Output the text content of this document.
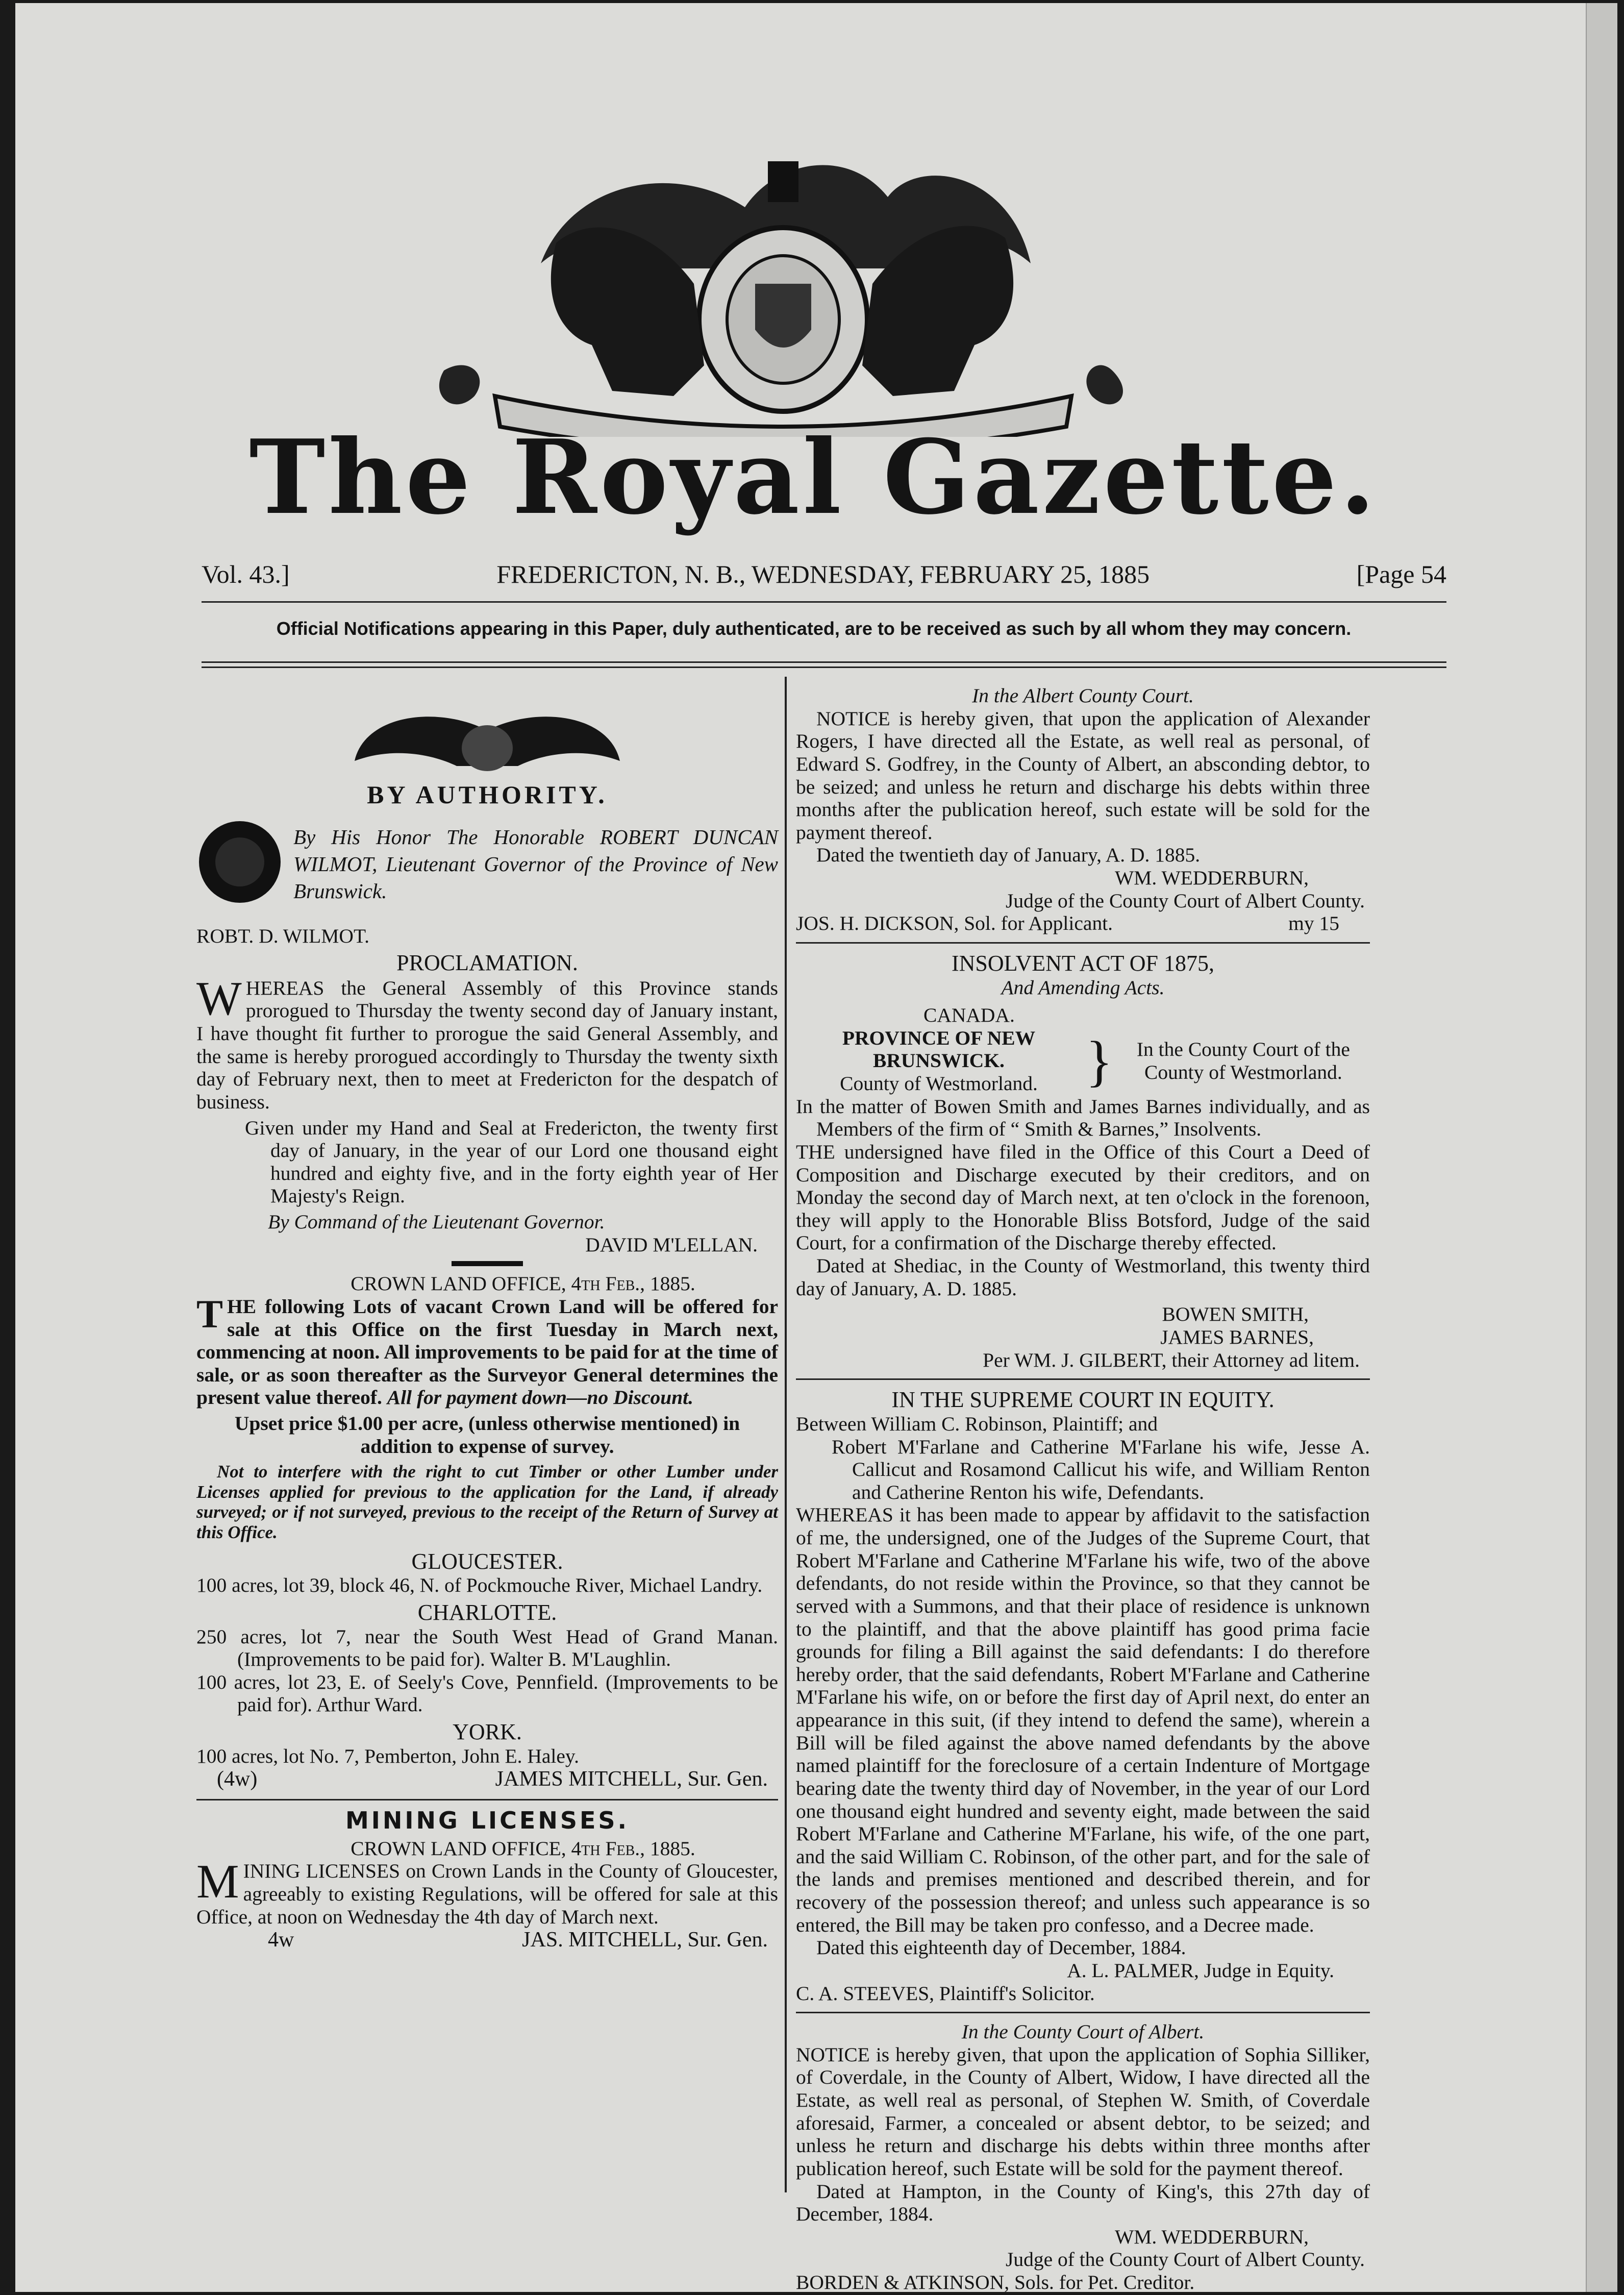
The Royal Gazette.
Vol. 43.]	FREDERICTON, N. B., WEDNESDAY, FEBRUARY 25, 1885	[Page 54
Official Notifications appearing in this Paper, duly authenticated, are to be received as such by all whom they may concern.

BY AUTHORITY.

By His Honor The Honorable ROBERT DUNCAN WILMOT, Lieutenant Governor of the Province of New Brunswick.

ROBT. D. WILMOT.

PROCLAMATION.

WHEREAS the General Assembly of this Province stands prorogued to Thursday the twenty second day of January instant, I have thought fit further to prorogue the said General Assembly, and the same is hereby prorogued accordingly to Thursday the twenty sixth day of February next, then to meet at Fredericton for the despatch of business.

Given under my Hand and Seal at Fredericton, the twenty first day of January, in the year of our Lord one thousand eight hundred and eighty five, and in the forty eighth year of Her Majesty's Reign.

By Command of the Lieutenant Governor.

DAVID M'LELLAN.

CROWN LAND OFFICE, 4th Feb., 1885.

THE following Lots of vacant Crown Land will be offered for sale at this Office on the first Tuesday in March next, commencing at noon. All improvements to be paid for at the time of sale, or as soon thereafter as the Surveyor General determines the present value thereof. All for payment down—no Discount.

Upset price $1.00 per acre, (unless otherwise mentioned) in addition to expense of survey.

Not to interfere with the right to cut Timber or other Lumber under Licenses applied for previous to the application for the Land, if already surveyed; or if not surveyed, previous to the receipt of the Return of Survey at this Office.

GLOUCESTER.

100 acres, lot 39, block 46, N. of Pockmouche River, Michael Landry.

CHARLOTTE.

250 acres, lot 7, near the South West Head of Grand Manan. (Improvements to be paid for). Walter B. M'Laughlin.

100 acres, lot 23, E. of Seely's Cove, Pennfield. (Improvements to be paid for). Arthur Ward.

YORK.

100 acres, lot No. 7, Pemberton, John E. Haley.

(4w)	JAMES MITCHELL, Sur. Gen.

MINING LICENSES.

CROWN LAND OFFICE, 4th Feb., 1885.

MINING LICENSES on Crown Lands in the County of Gloucester, agreeably to existing Regulations, will be offered for sale at this Office, at noon on Wednesday the 4th day of March next.

4w	JAS. MITCHELL, Sur. Gen.

In the Albert County Court.

NOTICE is hereby given, that upon the application of Alexander Rogers, I have directed all the Estate, as well real as personal, of Edward S. Godfrey, in the County of Albert, an absconding debtor, to be seized; and unless he return and discharge his debts within three months after the publication hereof, such estate will be sold for the payment thereof.

Dated the twentieth day of January, A. D. 1885.

WM. WEDDERBURN,

Judge of the County Court of Albert County.

JOS. H. DICKSON, Sol. for Applicant.	my 15

INSOLVENT ACT OF 1875,

And Amending Acts.

CANADA.

PROVINCE OF NEW BRUNSWICK.

County of Westmorland. }	In the County Court of the

County of Westmorland.

In the matter of Bowen Smith and James Barnes individually, and as Members of the firm of “ Smith & Barnes,” Insolvents.

THE undersigned have filed in the Office of this Court a Deed of Composition and Discharge executed by their creditors, and on Monday the second day of March next, at ten o'clock in the forenoon, they will apply to the Honorable Bliss Botsford, Judge of the said Court, for a confirmation of the Discharge thereby effected.

Dated at Shediac, in the County of Westmorland, this twenty third day of January, A. D. 1885.

BOWEN SMITH,

JAMES BARNES,

Per WM. J. GILBERT, their Attorney ad litem.

IN THE SUPREME COURT IN EQUITY.

Between William C. Robinson, Plaintiff; and

Robert M'Farlane and Catherine M'Farlane his wife, Jesse A. Callicut and Rosamond Callicut his wife, and William Renton and Catherine Renton his wife, Defendants.

WHEREAS it has been made to appear by affidavit to the satisfaction of me, the undersigned, one of the Judges of the Supreme Court, that Robert M'Farlane and Catherine M'Farlane his wife, two of the above defendants, do not reside within the Province, so that they cannot be served with a Summons, and that their place of residence is unknown to the plaintiff, and that the above plaintiff has good prima facie grounds for filing a Bill against the said defendants: I do therefore hereby order, that the said defendants, Robert M'Farlane and Catherine M'Farlane his wife, on or before the first day of April next, do enter an appearance in this suit, (if they intend to defend the same), wherein a Bill will be filed against the above named defendants by the above named plaintiff for the foreclosure of a certain Indenture of Mortgage bearing date the twenty third day of November, in the year of our Lord one thousand eight hundred and seventy eight, made between the said Robert M'Farlane and Catherine M'Farlane, his wife, of the one part, and the said William C. Robinson, of the other part, and for the sale of the lands and premises mentioned and described therein, and for recovery of the possession thereof; and unless such appearance is so entered, the Bill may be taken pro confesso, and a Decree made.

Dated this eighteenth day of December, 1884.

A. L. PALMER, Judge in Equity.

C. A. STEEVES, Plaintiff's Solicitor.

In the County Court of Albert.

NOTICE is hereby given, that upon the application of Sophia Silliker, of Coverdale, in the County of Albert, Widow, I have directed all the Estate, as well real as personal, of Stephen W. Smith, of Coverdale aforesaid, Farmer, a concealed or absent debtor, to be seized; and unless he return and discharge his debts within three months after publication hereof, such Estate will be sold for the payment thereof.

Dated at Hampton, in the County of King's, this 27th day of December, 1884.

WM. WEDDERBURN,

Judge of the County Court of Albert County.

BORDEN & ATKINSON, Sols. for Pet. Creditor.
